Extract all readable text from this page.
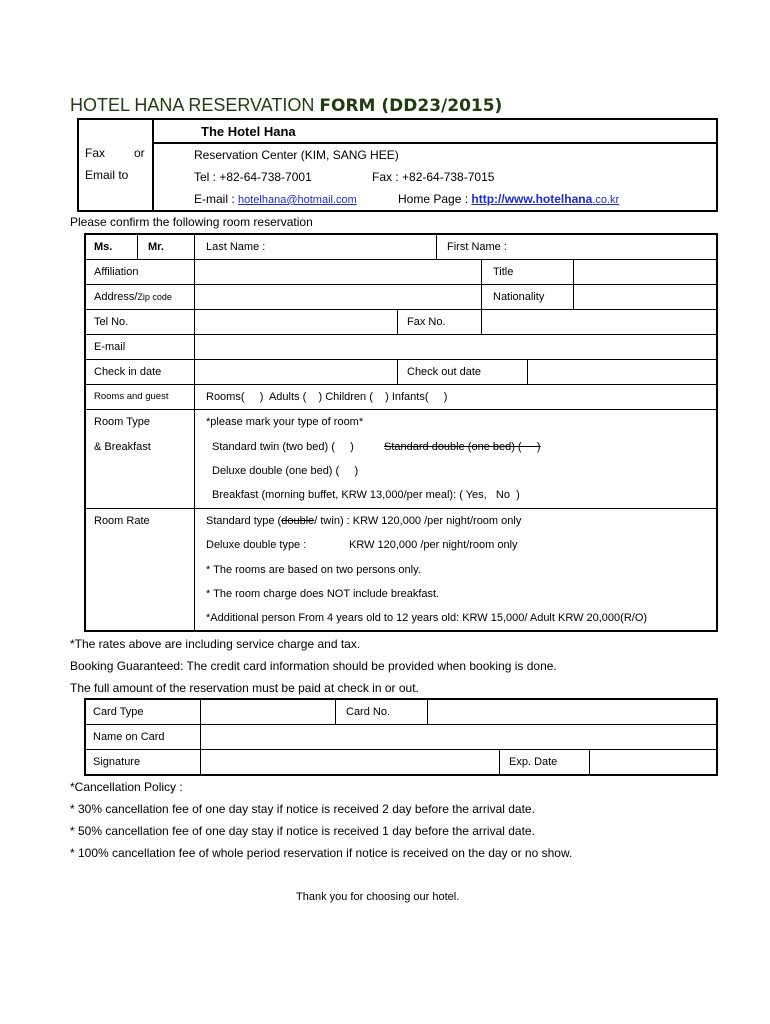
HOTEL HANA RESERVATION FORM (DD23/2015)
The Hotel Hana
Fax or
Email to
Reservation Center (KIM, SANG HEE)
Tel : +82-64-738-7001	Fax : +82-64-738-7015
E-mail : hotelhana@hotmail.com	Home Page : http://www.hotelhana.co.kr
Please confirm the following room reservation
Ms.	Mr.	Last Name :	First Name :
Affiliation	Title
Address/Zip code	Nationality
Tel No.	Fax No.
E-mail
Check in date	Check out date
Rooms and guest	Rooms(     )  Adults (    ) Children (    ) Infants(     )
Room Type
& Breakfast
*please mark your type of room*
Standard twin (two bed) (     )	Standard double (one bed) (     )
Deluxe double (one bed) (     )
Breakfast (morning buffet, KRW 13,000/per meal): ( Yes,   No  )
Room Rate	Standard type (double/ twin) : KRW 120,000 /per night/room only
Deluxe double type :	KRW 120,000 /per night/room only
* The rooms are based on two persons only.
* The room charge does NOT include breakfast.
*Additional person From 4 years old to 12 years old: KRW 15,000/ Adult KRW 20,000(R/O)
*The rates above are including service charge and tax.
Booking Guaranteed: The credit card information should be provided when booking is done.
The full amount of the reservation must be paid at check in or out.
Card Type	Card No.
Name on Card
Signature	Exp. Date
*Cancellation Policy :
* 30% cancellation fee of one day stay if notice is received 2 day before the arrival date.
* 50% cancellation fee of one day stay if notice is received 1 day before the arrival date.
* 100% cancellation fee of whole period reservation if notice is received on the day or no show.
Thank you for choosing our hotel.
